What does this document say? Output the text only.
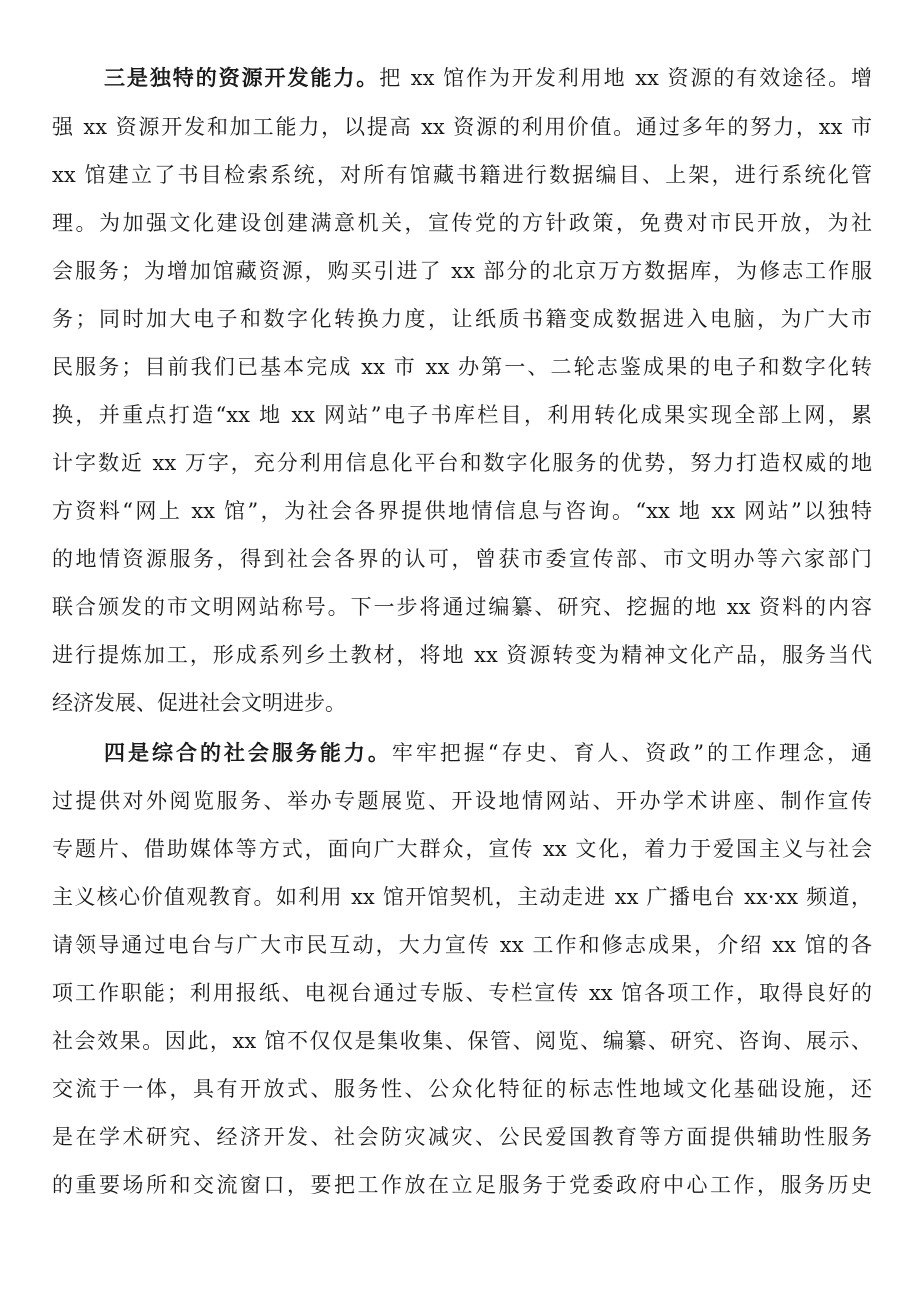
三是独特的资源开发能力。把 xx 馆作为开发利用地 xx 资源的有效途径。增
强 xx 资源开发和加工能力，以提高 xx 资源的利用价值。通过多年的努力，xx 市
xx 馆建立了书目检索系统，对所有馆藏书籍进行数据编目、上架，进行系统化管
理。为加强文化建设创建满意机关，宣传党的方针政策，免费对市民开放，为社
会服务；为增加馆藏资源，购买引进了 xx 部分的北京万方数据库，为修志工作服
务；同时加大电子和数字化转换力度，让纸质书籍变成数据进入电脑，为广大市
民服务；目前我们已基本完成 xx 市 xx 办第一、二轮志鉴成果的电子和数字化转
换，并重点打造“xx 地 xx 网站”电子书库栏目，利用转化成果实现全部上网，累
计字数近 xx 万字，充分利用信息化平台和数字化服务的优势，努力打造权威的地
方资料“网上 xx 馆”，为社会各界提供地情信息与咨询。“xx 地 xx 网站”以独特
的地情资源服务，得到社会各界的认可，曾获市委宣传部、市文明办等六家部门
联合颁发的市文明网站称号。下一步将通过编纂、研究、挖掘的地 xx 资料的内容
进行提炼加工，形成系列乡土教材，将地 xx 资源转变为精神文化产品，服务当代
经济发展、促进社会文明进步。
四是综合的社会服务能力。牢牢把握“存史、育人、资政”的工作理念，通
过提供对外阅览服务、举办专题展览、开设地情网站、开办学术讲座、制作宣传
专题片、借助媒体等方式，面向广大群众，宣传 xx 文化，着力于爱国主义与社会
主义核心价值观教育。如利用 xx 馆开馆契机，主动走进 xx 广播电台 xx·xx 频道，
请领导通过电台与广大市民互动，大力宣传 xx 工作和修志成果，介绍 xx 馆的各
项工作职能；利用报纸、电视台通过专版、专栏宣传 xx 馆各项工作，取得良好的
社会效果。因此，xx 馆不仅仅是集收集、保管、阅览、编纂、研究、咨询、展示、
交流于一体，具有开放式、服务性、公众化特征的标志性地域文化基础设施，还
是在学术研究、经济开发、社会防灾减灾、公民爱国教育等方面提供辅助性服务
的重要场所和交流窗口，要把工作放在立足服务于党委政府中心工作，服务历史
